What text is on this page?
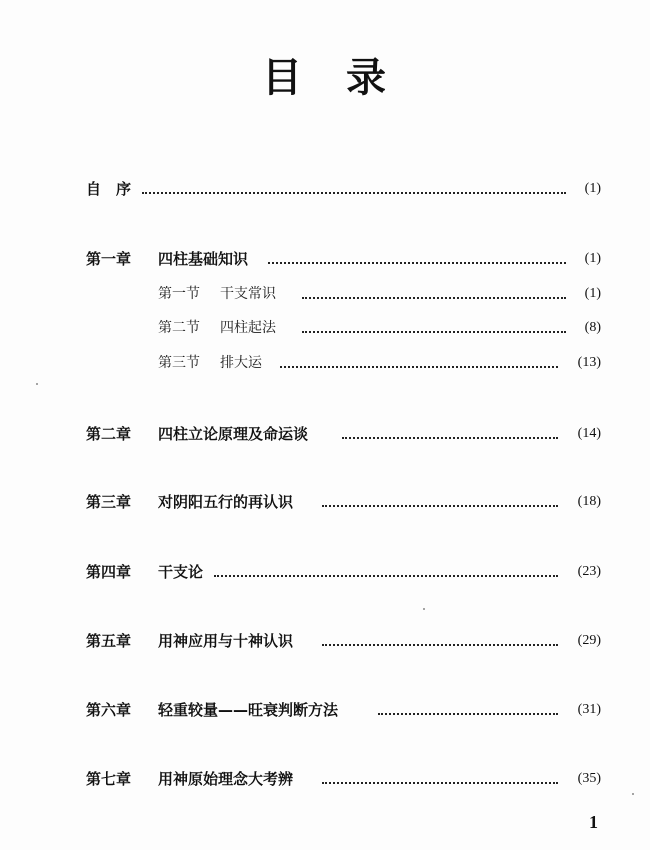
目 录
自　序	(1)
第一章 四柱基础知识	(1)
第一节 干支常识	(1)
第二节 四柱起法	(8)
第三节 排大运	(13)
第二章 四柱立论原理及命运谈	(14)
第三章 对阴阳五行的再认识	(18)
第四章 干支论	(23)
第五章 用神应用与十神认识	(29)
第六章 轻重较量——旺衰判断方法	(31)
第七章 用神原始理念大考辨	(35)
1
